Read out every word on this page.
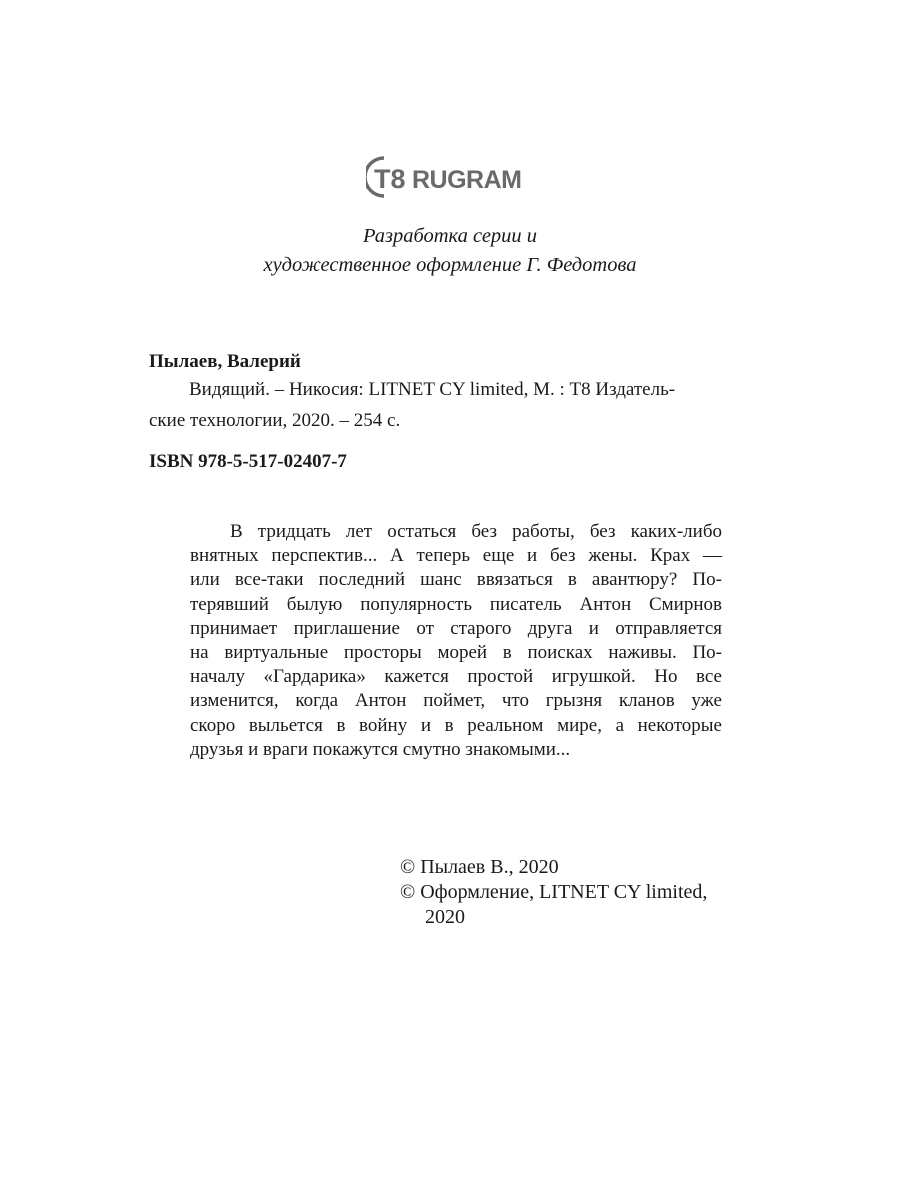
T8 RUGRAM
Разработка серии и
художественное оформление Г. Федотова
Пылаев, Валерий
Видящий. – Никосия: LITNET CY limited, М. : Т8 Издатель-
ские технологии, 2020. – 254 с.
ISBN 978-5-517-02407-7
В тридцать лет остаться без работы, без каких-либо
внятных перспектив... А теперь еще и без жены. Крах —
или все-таки последний шанс ввязаться в авантюру? По-
терявший былую популярность писатель Антон Смирнов
принимает приглашение от старого друга и отправляется
на виртуальные просторы морей в поисках наживы. По-
началу «Гардарика» кажется простой игрушкой. Но все
изменится, когда Антон поймет, что грызня кланов уже
скоро выльется в войну и в реальном мире, а некоторые
друзья и враги покажутся смутно знакомыми...
© Пылаев В., 2020
© Оформление, LITNET CY limited,
2020
